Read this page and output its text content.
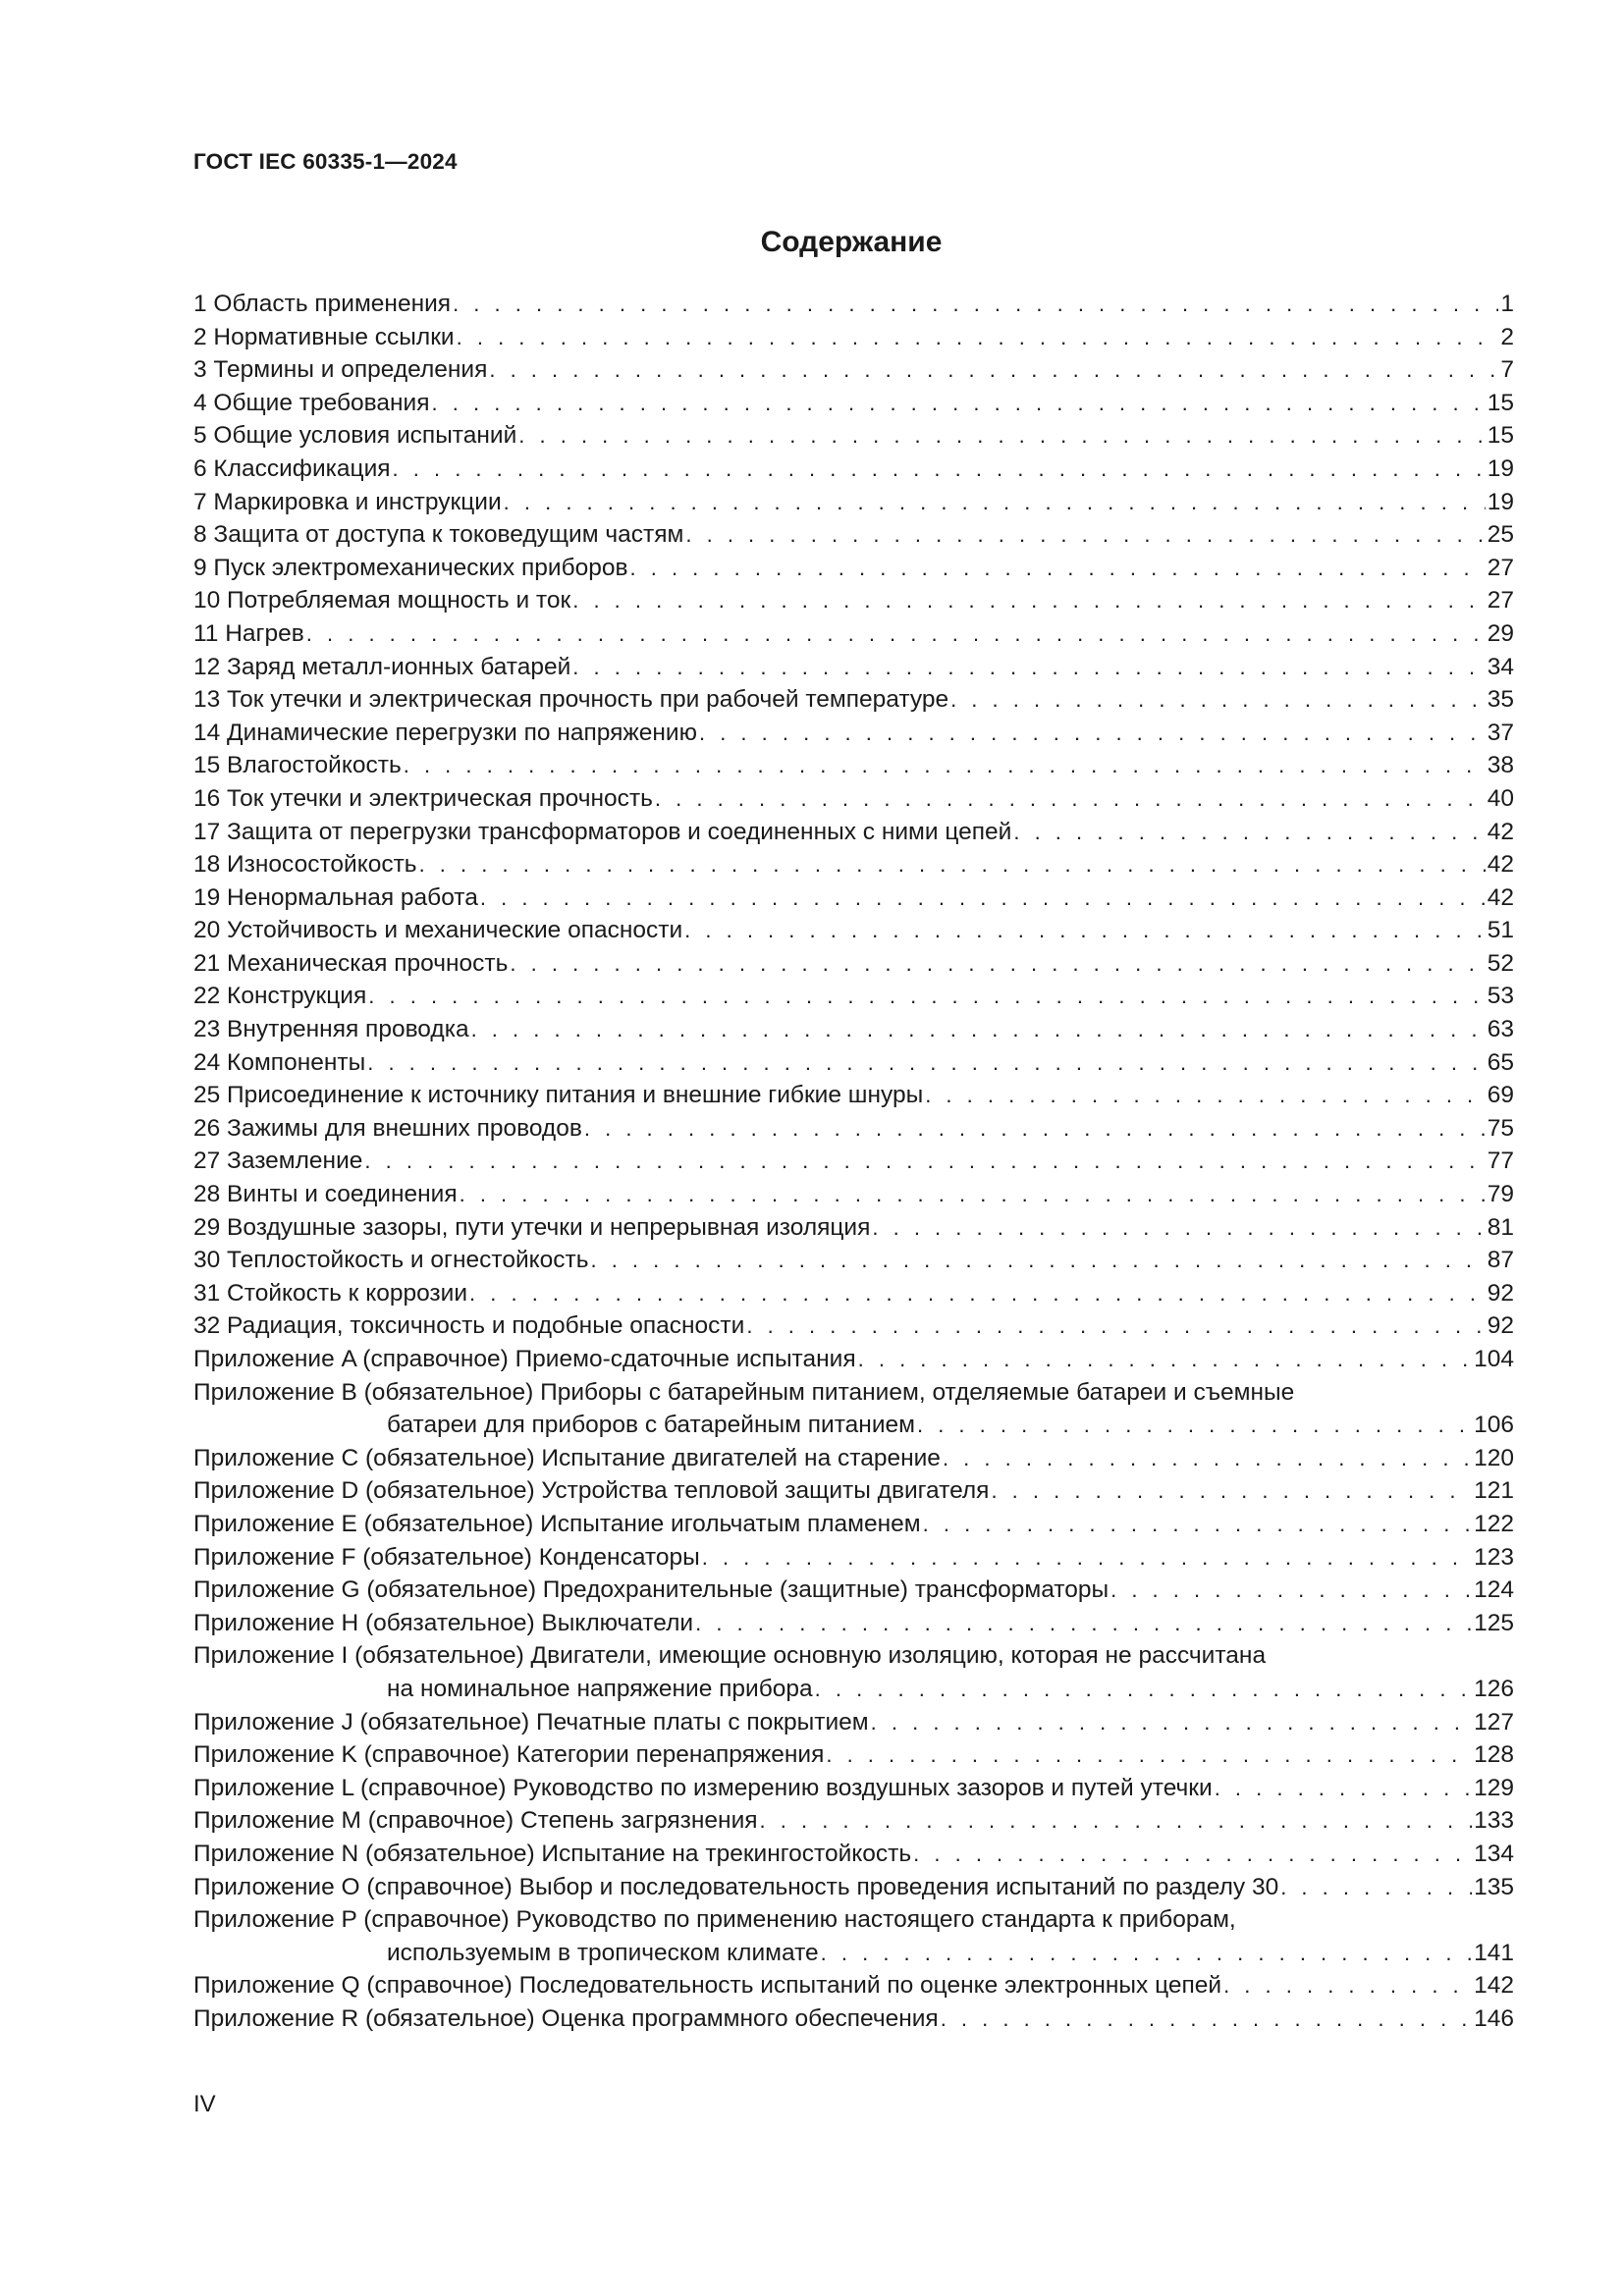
ГОСТ IEC 60335-1—2024
Содержание
1 Область применения . . .	1
2 Нормативные ссылки . . .	2
3 Термины и определения . . .	7
4 Общие требования . . .	15
5 Общие условия испытаний . . .	15
6 Классификация . . .	19
7 Маркировка и инструкции . . .	19
8 Защита от доступа к токоведущим частям . . .	25
9 Пуск электромеханических приборов . . .	27
10 Потребляемая мощность и ток . . .	27
11 Нагрев . . .	29
12 Заряд металл-ионных батарей . . .	34
13 Ток утечки и электрическая прочность при рабочей температуре . . .	35
14 Динамические перегрузки по напряжению . . .	37
15 Влагостойкость . . .	38
16 Ток утечки и электрическая прочность . . .	40
17 Защита от перегрузки трансформаторов и соединенных с ними цепей . . .	42
18 Износостойкость . . .	42
19 Ненормальная работа . . .	42
20 Устойчивость и механические опасности . . .	51
21 Механическая прочность . . .	52
22 Конструкция . . .	53
23 Внутренняя проводка . . .	63
24 Компоненты . . .	65
25 Присоединение к источнику питания и внешние гибкие шнуры . . .	69
26 Зажимы для внешних проводов . . .	75
27 Заземление . . .	77
28 Винты и соединения . . .	79
29 Воздушные зазоры, пути утечки и непрерывная изоляция . . .	81
30 Теплостойкость и огнестойкость . . .	87
31 Стойкость к коррозии . . .	92
32 Радиация, токсичность и подобные опасности . . .	92
Приложение A (справочное) Приемо-сдаточные испытания . . .	104
Приложение B (обязательное) Приборы с батарейным питанием, отделяемые батареи и съемные
батареи для приборов с батарейным питанием . . .	106
Приложение C (обязательное) Испытание двигателей на старение . . .	120
Приложение D (обязательное) Устройства тепловой защиты двигателя . . .	121
Приложение E (обязательное) Испытание игольчатым пламенем . . .	122
Приложение F (обязательное) Конденсаторы . . .	123
Приложение G (обязательное) Предохранительные (защитные) трансформаторы . . .	124
Приложение H (обязательное) Выключатели . . .	125
Приложение I (обязательное) Двигатели, имеющие основную изоляцию, которая не рассчитана
на номинальное напряжение прибора . . .	126
Приложение J (обязательное) Печатные платы с покрытием . . .	127
Приложение K (справочное) Категории перенапряжения . . .	128
Приложение L (справочное) Руководство по измерению воздушных зазоров и путей утечки . . .	129
Приложение M (справочное) Степень загрязнения . . .	133
Приложение N (обязательное) Испытание на трекингостойкость . . .	134
Приложение O (справочное) Выбор и последовательность проведения испытаний по разделу 30 . . .	135
Приложение P (справочное) Руководство по применению настоящего стандарта к приборам,
используемым в тропическом климате . . .	141
Приложение Q (справочное) Последовательность испытаний по оценке электронных цепей . . .	142
Приложение R (обязательное) Оценка программного обеспечения . . .	146
IV
